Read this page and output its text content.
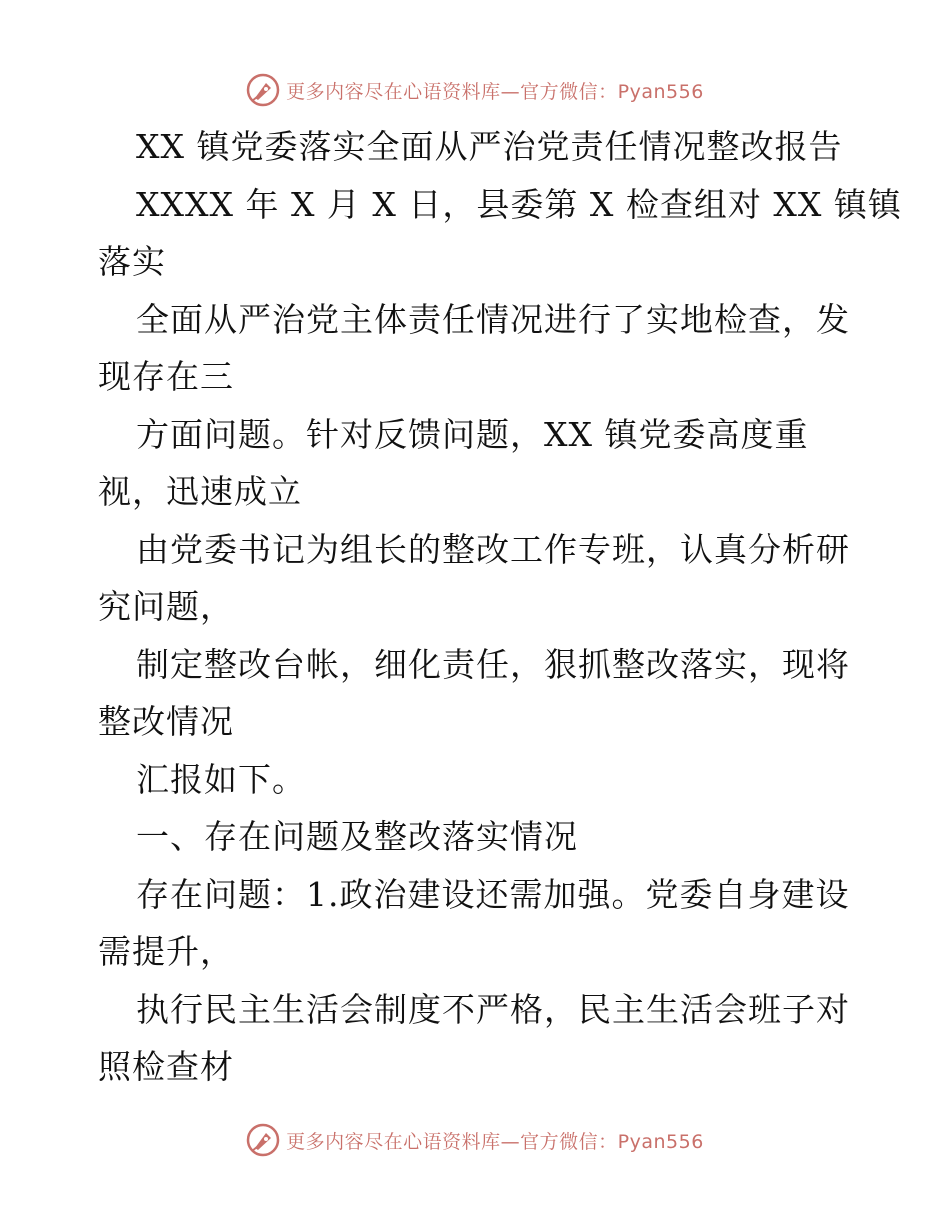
更多内容尽在心语资料库—官方微信：Pyan556
XX 镇党委落实全面从严治党责任情况整改报告
XXXX 年 X 月 X 日，县委第 X 检查组对 XX 镇镇
落实
全面从严治党主体责任情况进行了实地检查，发
现存在三
方面问题。针对反馈问题，XX 镇党委高度重
视，迅速成立
由党委书记为组长的整改工作专班，认真分析研
究问题，
制定整改台帐，细化责任，狠抓整改落实，现将
整改情况
汇报如下。
一、存在问题及整改落实情况
存在问题：1.政治建设还需加强。党委自身建设
需提升，
执行民主生活会制度不严格，民主生活会班子对
照检查材
更多内容尽在心语资料库—官方微信：Pyan556
